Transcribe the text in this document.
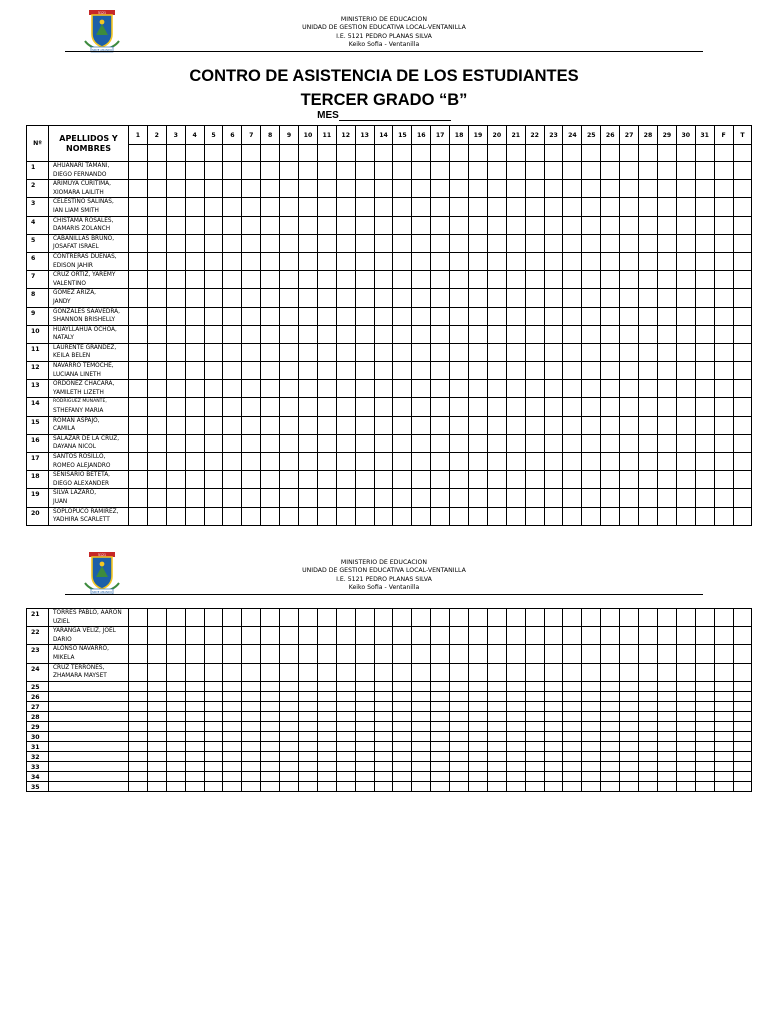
5121
SIRVE AMANDO
MINISTERIO DE EDUCACION
UNIDAD DE GESTION EDUCATIVA LOCAL-VENTANILLA
I.E. 5121 PEDRO PLANAS SILVA
Keiko Sofia - Ventanilla
CONTRO DE ASISTENCIA DE LOS ESTUDIANTES
TERCER GRADO “B”
MES
Nº	APELLIDOS Y NOMBRES	1	2	3	4	5	6	7	8	9	10	11	12	13	14	15	16	17	18	19	20	21	22	23	24	25	26	27	28	29	30	31	F	T

1	AHUANARI TAMANI,
DIEGO FERNANDO																																	

2	ARIMUYA CURITIMA,
XIOMARA LAILITH																																	

3	CELESTINO SALINAS,
IAN LIAM SMITH																																	

4	CHISTAMA ROSALES,
DAMARIS ZOLANCH																																	

5	CABANILLAS BRUNO,
JOSAFAT ISRAEL																																	

6	CONTRERAS DUEÑAS,
EDISON JAHIR																																	

7	CRUZ ORTIZ, YAREMY
VALENTINO																																	

8	GOMEZ ARIZA,
JANDY																																	

9	GONZALES SAAVEDRA,
SHANNON BRISHELLY																																	

10	HUAYLLAHUA OCHOA,
NATALY																																	

11	LAURENTE GRANDEZ,
KEILA BELEN																																	

12	NAVARRO TEMOCHE,
LUCIANA LINETH																																	

13	ORDOÑEZ CHACARA,
YAMILETH LIZETH																																	

14	RODRIGUEZ MUNANTE,
STHEFANY MARIA																																	

15	ROMAN ASPAJO,
CAMILA																																	

16	SALAZAR DE LA CRUZ,
DAYANA NICOL																																	

17	SANTOS ROSILLO,
ROMEO ALEJANDRO																																	

18	SENISARIO BETETA,
DIEGO ALEXANDER																																	

19	SILVA LAZARO,
JUAN																																	

20	SOPLOPUCO RAMIREZ,
YADHIRA SCARLETT																																	

5121
SIRVE AMANDO
MINISTERIO DE EDUCACION
UNIDAD DE GESTION EDUCATIVA LOCAL-VENTANILLA
I.E. 5121 PEDRO PLANAS SILVA
Keiko Sofia - Ventanilla
21	TORRES PABLO, AARON
UZIEL																																	

22	YARANGA VELIZ, JOEL
DARIO																																	

23	ALONSO NAVARRO,
MIKELA																																	

24	CRUZ TERRONES,
ZHAMARA MAYSET																																	

25																																		
26																																		
27																																		
28																																		
29																																		
30																																		
31																																		
32																																		
33																																		
34																																		
35																																		
